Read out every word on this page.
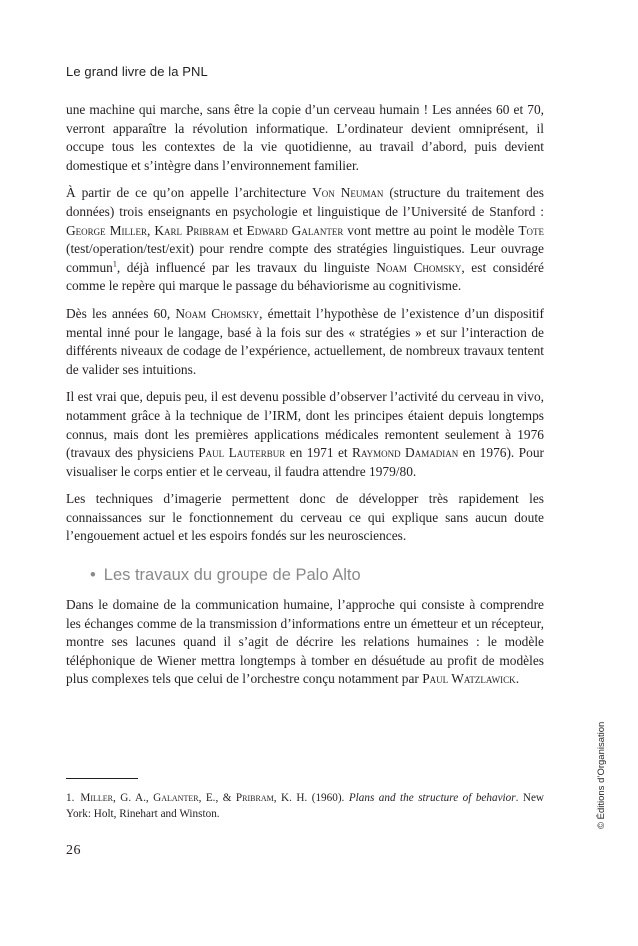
Le grand livre de la PNL

une machine qui marche, sans être la copie d’un cerveau humain ! Les années 60 et 70, verront apparaître la révolution informatique. L’ordinateur devient omniprésent, il occupe tous les contextes de la vie quotidienne, au travail d’abord, puis devient domestique et s’intègre dans l’environnement familier.

À partir de ce qu’on appelle l’architecture Von Neuman (structure du traitement des données) trois enseignants en psychologie et linguistique de l’Université de Stanford : George Miller, Karl Pribram et Edward Galanter vont mettre au point le modèle Tote (test/operation/test/exit) pour rendre compte des stratégies linguistiques. Leur ouvrage commun$^1$, déjà influencé par les travaux du linguiste Noam Chomsky, est considéré comme le repère qui marque le passage du béhaviorisme au cognitivisme.

Dès les années 60, Noam Chomsky, émettait l’hypothèse de l’existence d’un dispositif mental inné pour le langage, basé à la fois sur des « stratégies » et sur l’interaction de différents niveaux de codage de l’expérience, actuellement, de nombreux travaux tentent de valider ses intuitions.

Il est vrai que, depuis peu, il est devenu possible d’observer l’activité du cerveau in vivo, notamment grâce à la technique de l’IRM, dont les principes étaient depuis longtemps connus, mais dont les premières applications médicales remontent seulement à 1976 (travaux des physiciens Paul Lauterbur en 1971 et Raymond Damadian en 1976). Pour visualiser le corps entier et le cerveau, il faudra attendre 1979/80.

Les techniques d’imagerie permettent donc de développer très rapidement les connaissances sur le fonctionnement du cerveau ce qui explique sans aucun doute l’engouement actuel et les espoirs fondés sur les neurosciences.

• Les travaux du groupe de Palo Alto

Dans le domaine de la communication humaine, l’approche qui consiste à comprendre les échanges comme de la transmission d’informations entre un émetteur et un récepteur, montre ses lacunes quand il s’agit de décrire les relations humaines : le modèle téléphonique de Wiener mettra longtemps à tomber en désuétude au profit de modèles plus complexes tels que celui de l’orchestre conçu notamment par Paul Watzlawick.

1. Miller, G. A., Galanter, E., & Pribram, K. H. (1960). Plans and the structure of behavior. New York: Holt, Rinehart and Winston.
26
© Éditions d’Organisation
